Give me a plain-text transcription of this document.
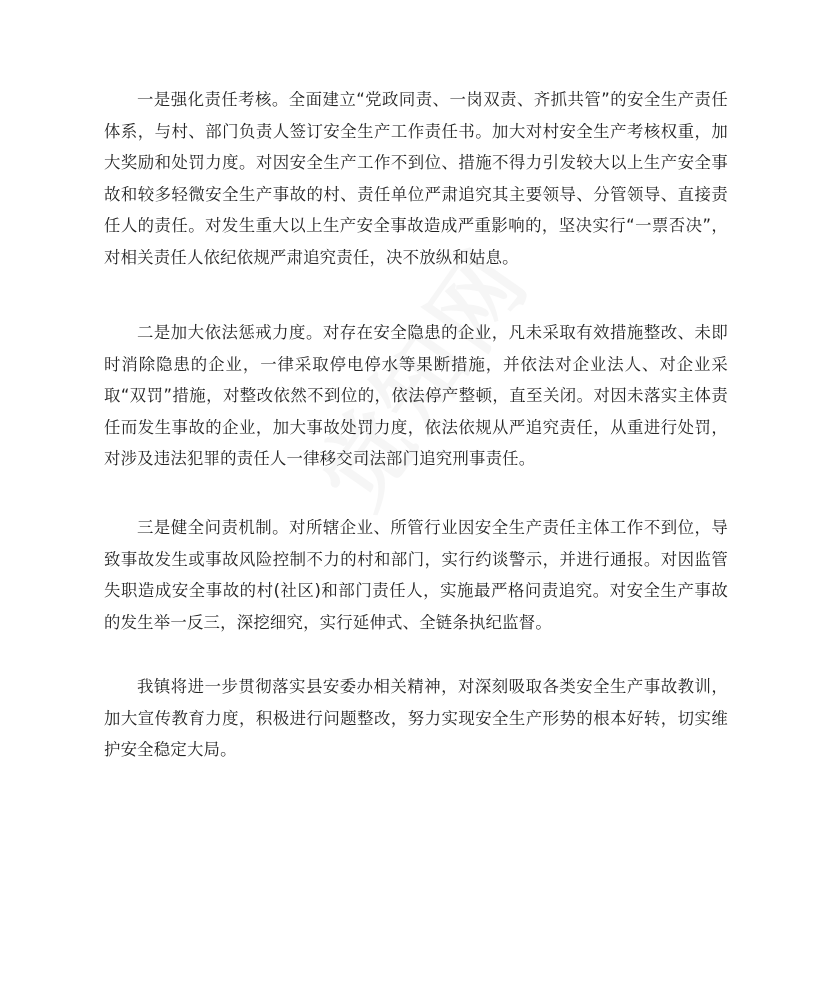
一是强化责任考核。全面建立“党政同责、一岗双责、齐抓共管”的安全生产责任体系，与村、部门负责人签订安全生产工作责任书。加大对村安全生产考核权重，加大奖励和处罚力度。对因安全生产工作不到位、措施不得力引发较大以上生产安全事故和较多轻微安全生产事故的村、责任单位严肃追究其主要领导、分管领导、直接责任人的责任。对发生重大以上生产安全事故造成严重影响的，坚决实行“一票否决”，对相关责任人依纪依规严肃追究责任，决不放纵和姑息。

二是加大依法惩戒力度。对存在安全隐患的企业，凡未采取有效措施整改、未即时消除隐患的企业，一律采取停电停水等果断措施，并依法对企业法人、对企业采取“双罚”措施，对整改依然不到位的，依法停产整顿，直至关闭。对因未落实主体责任而发生事故的企业，加大事故处罚力度，依法依规从严追究责任，从重进行处罚，对涉及违法犯罪的责任人一律移交司法部门追究刑事责任。

三是健全问责机制。对所辖企业、所管行业因安全生产责任主体工作不到位，导致事故发生或事故风险控制不力的村和部门，实行约谈警示，并进行通报。对因监管失职造成安全事故的村(社区)和部门责任人，实施最严格问责追究。对安全生产事故的发生举一反三，深挖细究，实行延伸式、全链条执纪监督。

我镇将进一步贯彻落实县安委办相关精神，对深刻吸取各类安全生产事故教训，加大宣传教育力度，积极进行问题整改，努力实现安全生产形势的根本好转，切实维护安全稳定大局。
